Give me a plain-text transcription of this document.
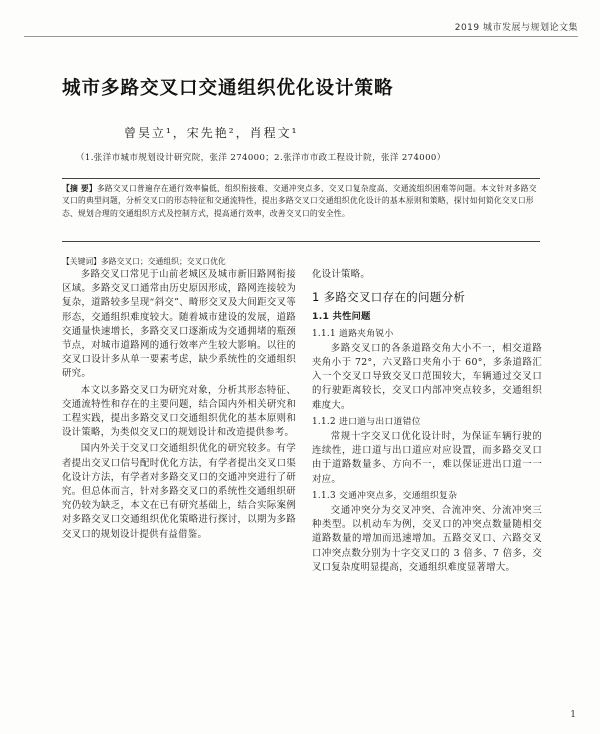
2019 城市发展与规划论文集
城市多路交叉口交通组织优化设计策略
曾昊立¹，宋先艳²，肖程文¹
（1.张洋市城市规划设计研究院，张洋 274000；2.张洋市市政工程设计院，张洋 274000）
【摘 要】多路交叉口普遍存在通行效率偏低、组织衔接难、交通冲突点多、交叉口复杂度高、交通流组织困难等问题。本文针对多路交叉口的典型问题，分析交叉口的形态特征和交通流特性，提出多路交叉口交通组织优化设计的基本原则和策略，探讨如何简化交叉口形态、规划合理的交通组织方式及控制方式，提高通行效率，改善交叉口的安全性。
【关键词】多路交叉口；交通组织；交叉口优化

多路交叉口常见于山前老城区及城市新旧路网衔接区域。多路交叉口通常由历史原因形成，路网连接较为复杂，道路较多呈现“斜交”、畸形交叉及大间距交叉等形态，交通组织难度较大。随着城市建设的发展，道路交通量快速增长，多路交叉口逐渐成为交通拥堵的瓶颈节点，对城市道路网的通行效率产生较大影响。以往的交叉口设计多从单一要素考虑，缺少系统性的交通组织研究。

本文以多路交叉口为研究对象，分析其形态特征、交通流特性和存在的主要问题，结合国内外相关研究和工程实践，提出多路交叉口交通组织优化的基本原则和设计策略，为类似交叉口的规划设计和改造提供参考。

国内外关于交叉口交通组织优化的研究较多。有学者提出交叉口信号配时优化方法，有学者提出交叉口渠化设计方法，有学者对多路交叉口的交通冲突进行了研究。但总体而言，针对多路交叉口的系统性交通组织研究仍较为缺乏，本文在已有研究基础上，结合实际案例对多路交叉口交通组织优化策略进行探讨，以期为多路交叉口的规划设计提供有益借鉴。

化设计策略。

1 多路交叉口存在的问题分析
1.1 共性问题
1.1.1 道路夹角锐小

多路交叉口的各条道路交角大小不一，相交道路夹角小于 72°，六叉路口夹角小于 60°，多条道路汇入一个交叉口导致交叉口范围较大，车辆通过交叉口的行驶距离较长，交叉口内部冲突点较多，交通组织难度大。

1.1.2 进口道与出口道错位

常规十字交叉口优化设计时，为保证车辆行驶的连续性，进口道与出口道应对应设置，而多路交叉口由于道路数量多、方向不一，难以保证进出口道一一对应。

1.1.3 交通冲突点多，交通组织复杂

交通冲突分为交叉冲突、合流冲突、分流冲突三种类型。以机动车为例，交叉口的冲突点数量随相交道路数量的增加而迅速增加。五路交叉口、六路交叉口冲突点数分别为十字交叉口的 3 倍多、7 倍多，交叉口复杂度明显提高，交通组织难度显著增大。

1
